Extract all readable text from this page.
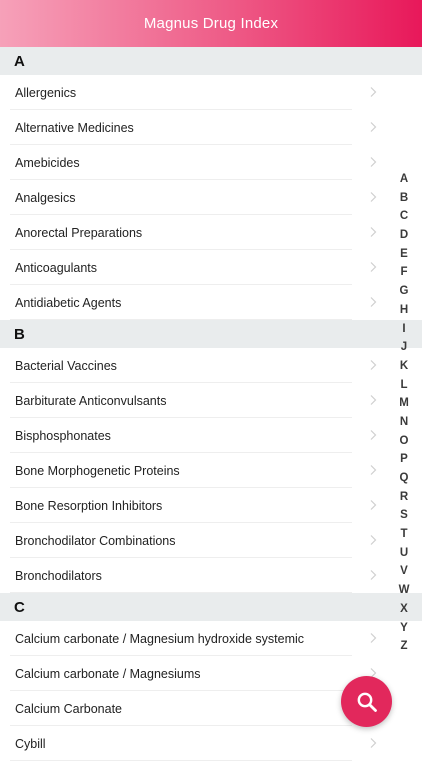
Magnus Drug Index
A
Allergenics
Alternative Medicines
Amebicides
Analgesics
Anorectal Preparations
Anticoagulants
Antidiabetic Agents
B
Bacterial Vaccines
Barbiturate Anticonvulsants
Bisphosphonates
Bone Morphogenetic Proteins
Bone Resorption Inhibitors
Bronchodilator Combinations
Bronchodilators
C
Calcium carbonate / Magnesium hydroxide systemic
Calcium carbonate / Magnesiums
Calcium Carbonate
Cybill
A
B
C
D
E
F
G
H
I
J
K
L
M
N
O
P
Q
R
S
T
U
V
W
X
Y
Z
